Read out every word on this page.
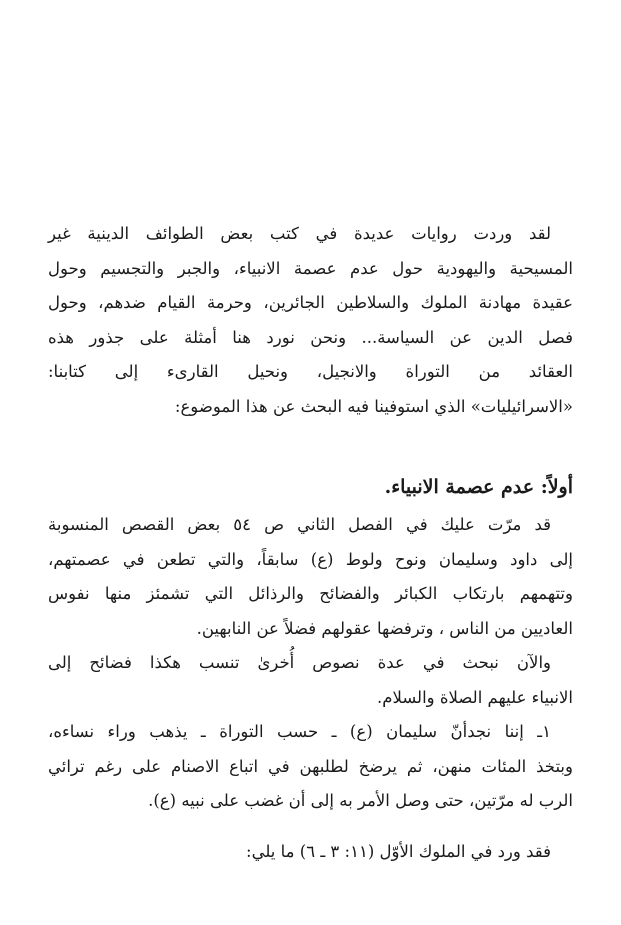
لقد وردت روايات عديدة في كتب بعض الطوائف الدينية غير
المسيحية واليهودية حول عدم عصمة الانبياء، والجبر والتجسيم وحول
عقيدة مهادنة الملوك والسلاطين الجائرين، وحرمة القيام ضدهم، وحول
فصل الدين عن السياسة... ونحن نورد هنا أمثلة على جذور هذه
العقائد من التوراة والانجيل، ونحيل القارىء إلى كتابنا:
«الاسرائيليات» الذي استوفينا فيه البحث عن هذا الموضوع:
أولاً: عدم عصمة الانبياء.
قد مرّت عليك في الفصل الثاني ص ٥٤ بعض القصص المنسوبة
إلى داود وسليمان ونوح ولوط (ع) سابقاً، والتي تطعن في عصمتهم،
وتتهمهم بارتكاب الكبائر والفضائح والرذائل التي تشمئز منها نفوس
العاديين من الناس ، وترفضها عقولهم فضلاً عن النابهين.
والآن نبحث في عدة نصوص أُخرىٰ تنسب هكذا فضائح إلى
الانبياء عليهم الصلاة والسلام.
١ـ إننا نجدأنّ سليمان (ع) ـ حسب التوراة ـ يذهب وراء نساءه،
وبتخذ المئات منهن، ثم يرضخ لطلبهن في اتباع الاصنام على رغم ترائي
الرب له مرّتين، حتى وصل الأمر به إلى أن غضب على نبيه (ع).
فقد ورد في الملوك الأوّل (١١: ٣ ـ ٦) ما يلي:
